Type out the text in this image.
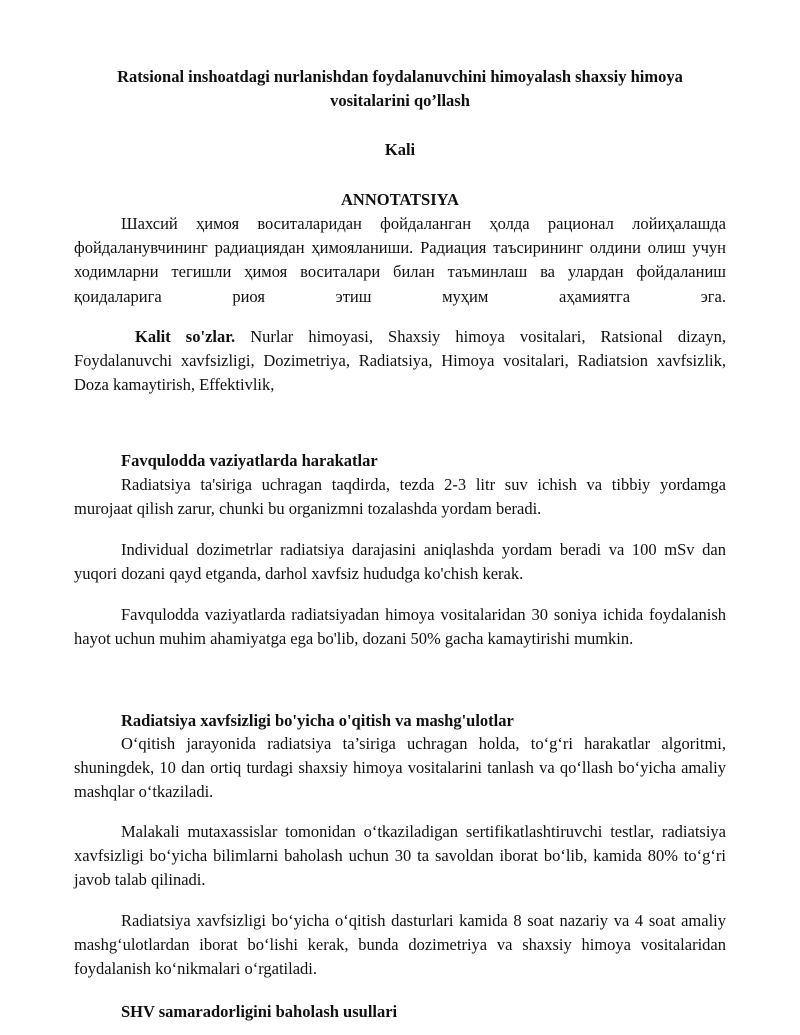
Ratsional inshoatdagi nurlanishdan foydalanuvchini himoyalash shaxsiy himoya vositalarini qo’llash
Kali
ANNOTATSIYA
Шахсий ҳимоя воситаларидан фойдаланган ҳолда рационал лойиҳалашда фойдаланувчининг радиациядан ҳимояланиши. Радиация таъсирининг олдини олиш учун ходимларни тегишли ҳимоя воситалари билан таъминлаш ва улардан фойдаланиш қоидаларига риоя этиш муҳим аҳамиятга эга.
Kalit so'zlar. Nurlar himoyasi, Shaxsiy himoya vositalari, Ratsional dizayn, Foydalanuvchi xavfsizligi, Dozimetriya, Radiatsiya, Himoya vositalari, Radiatsion xavfsizlik, Doza kamaytirish, Effektivlik,
Favqulodda vaziyatlarda harakatlar
Radiatsiya ta'siriga uchragan taqdirda, tezda 2-3 litr suv ichish va tibbiy yordamga murojaat qilish zarur, chunki bu organizmni tozalashda yordam beradi.
Individual dozimetrlar radiatsiya darajasini aniqlashda yordam beradi va 100 mSv dan yuqori dozani qayd etganda, darhol xavfsiz hududga ko'chish kerak.
Favqulodda vaziyatlarda radiatsiyadan himoya vositalaridan 30 soniya ichida foydalanish hayot uchun muhim ahamiyatga ega bo'lib, dozani 50% gacha kamaytirishi mumkin.
Radiatsiya xavfsizligi bo'yicha o'qitish va mashg'ulotlar
O‘qitish jarayonida radiatsiya ta’siriga uchragan holda, to‘g‘ri harakatlar algoritmi, shuningdek, 10 dan ortiq turdagi shaxsiy himoya vositalarini tanlash va qo‘llash bo‘yicha amaliy mashqlar o‘tkaziladi.
Malakali mutaxassislar tomonidan o‘tkaziladigan sertifikatlashtiruvchi testlar, radiatsiya xavfsizligi bo‘yicha bilimlarni baholash uchun 30 ta savoldan iborat bo‘lib, kamida 80% to‘g‘ri javob talab qilinadi.
Radiatsiya xavfsizligi bo‘yicha o‘qitish dasturlari kamida 8 soat nazariy va 4 soat amaliy mashg‘ulotlardan iborat bo‘lishi kerak, bunda dozimetriya va shaxsiy himoya vositalaridan foydalanish ko‘nikmalari o‘rgatiladi.
SHV samaradorligini baholash usullari
